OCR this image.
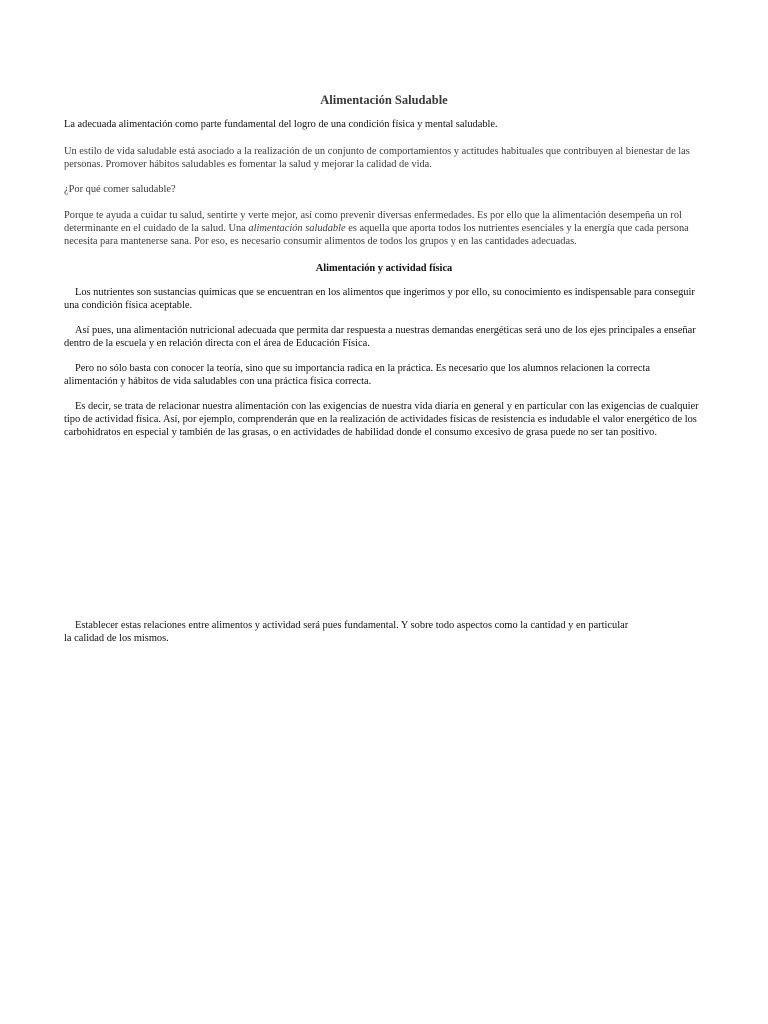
Alimentación Saludable

La adecuada alimentación como parte fundamental del logro de una condición física y mental saludable.

Un estilo de vida saludable está asociado a la realización de un conjunto de comportamientos y actitudes habituales que contribuyen al bienestar de las personas. Promover hábitos saludables es fomentar la salud y mejorar la calidad de vida.

¿Por qué comer saludable?

Porque te ayuda a cuidar tu salud, sentirte y verte mejor, así como prevenir diversas enfermedades. Es por ello que la alimentación desempeña un rol determinante en el cuidado de la salud. Una alimentación saludable es aquella que aporta todos los nutrientes esenciales y la energía que cada persona necesita para mantenerse sana. Por eso, es necesario consumir alimentos de todos los grupos y en las cantidades adecuadas.

Alimentación y actividad física

Los nutrientes son sustancias químicas que se encuentran en los alimentos que ingerimos y por ello, su conocimiento es indispensable para conseguir una condición física aceptable.

Así pues, una alimentación nutricional adecuada que permita dar respuesta a nuestras demandas energéticas será uno de los ejes principales a enseñar dentro de la escuela y en relación directa con el área de Educación Física.

Pero no sólo basta con conocer la teoría, sino que su importancia radica en la práctica. Es necesario que los alumnos relacionen la correcta alimentación y hábitos de vida saludables con una práctica física correcta.

Es decir, se trata de relacionar nuestra alimentación con las exigencias de nuestra vida diaria en general y en particular con las exigencias de cualquier tipo de actividad física. Así, por ejemplo, comprenderán que en la realización de actividades físicas de resistencia es indudable el valor energético de los carbohidratos en especial y también de las grasas, o en actividades de habilidad donde el consumo excesivo de grasa puede no ser tan positivo.

Establecer estas relaciones entre alimentos y actividad será pues fundamental. Y sobre todo aspectos como la cantidad y en particular
la calidad de los mismos.
